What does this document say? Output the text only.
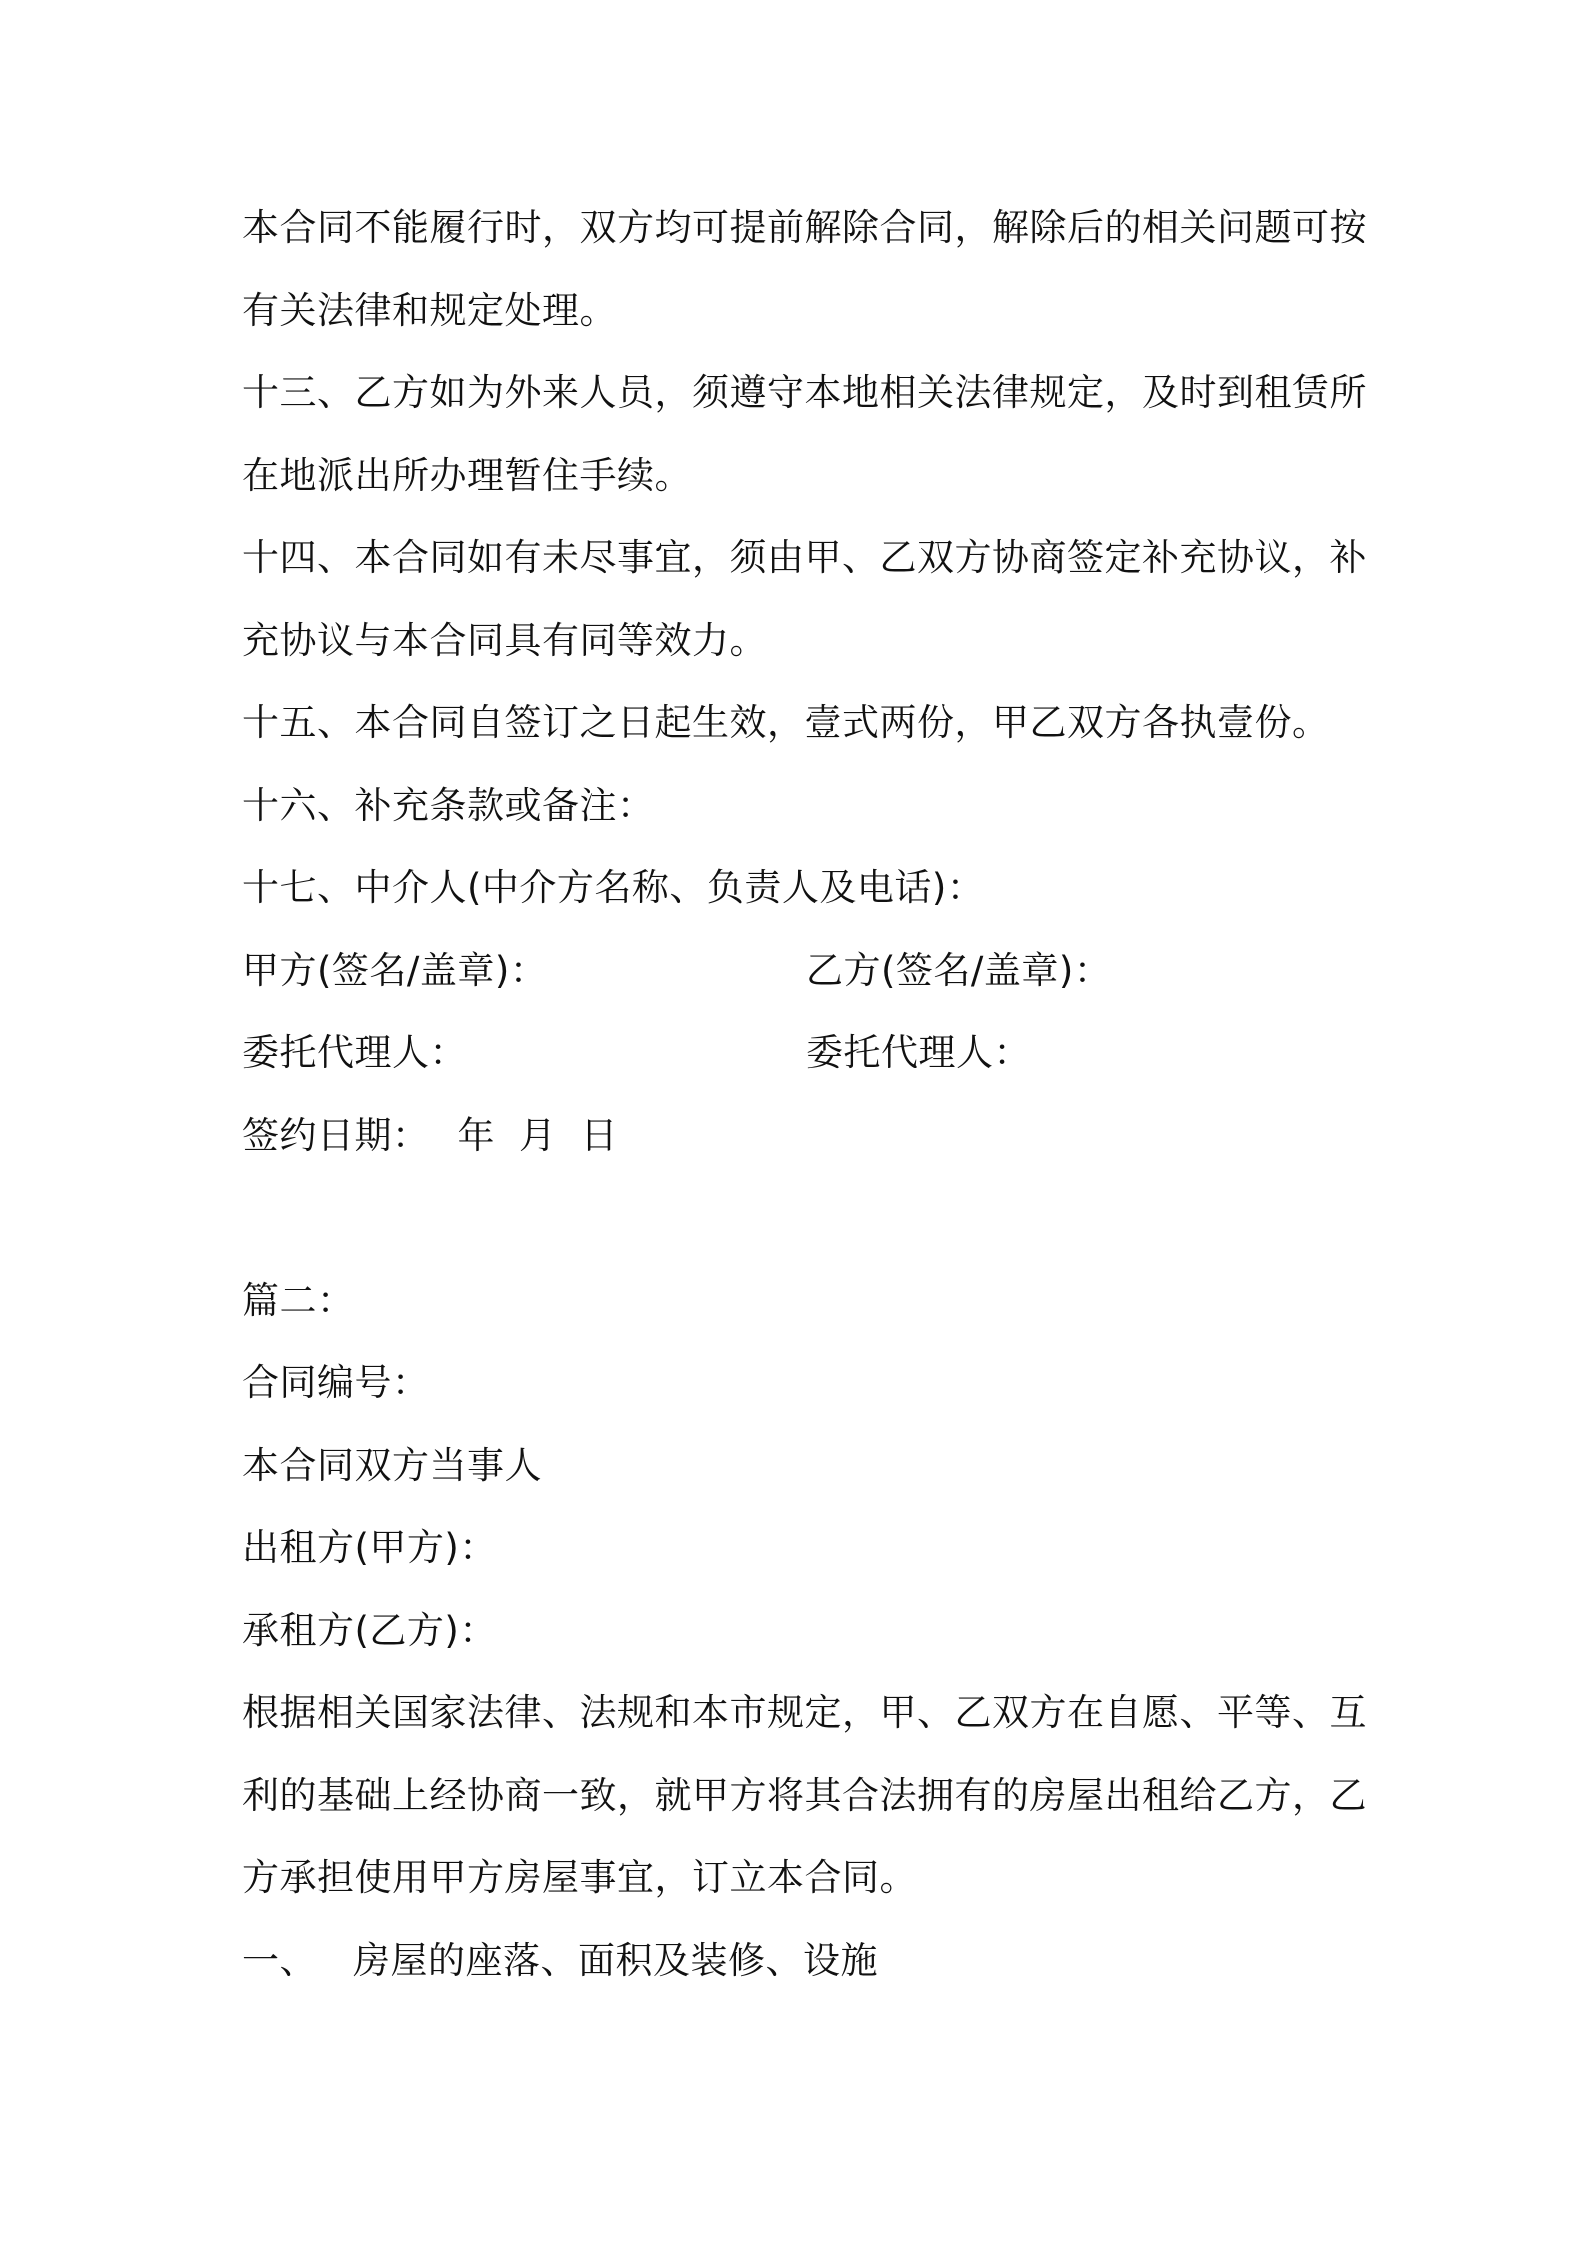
本合同不能履行时，双方均可提前解除合同，解除后的相关问题可按
有关法律和规定处理。
十三、乙方如为外来人员，须遵守本地相关法律规定，及时到租赁所
在地派出所办理暂住手续。
十四、本合同如有未尽事宜，须由甲、乙双方协商签定补充协议，补
充协议与本合同具有同等效力。
十五、本合同自签订之日起生效，壹式两份，甲乙双方各执壹份。
十六、补充条款或备注：
十七、中介人(中介方名称、负责人及电话)：
甲方(签名/盖章)：	乙方(签名/盖章)：
委托代理人：	委托代理人：
签约日期： 年 月 日
篇二：
合同编号：
本合同双方当事人
出租方(甲方)：
承租方(乙方)：
根据相关国家法律、法规和本市规定，甲、乙双方在自愿、平等、互
利的基础上经协商一致，就甲方将其合法拥有的房屋出租给乙方，乙
方承担使用甲方房屋事宜，订立本合同。
一、 房屋的座落、面积及装修、设施
